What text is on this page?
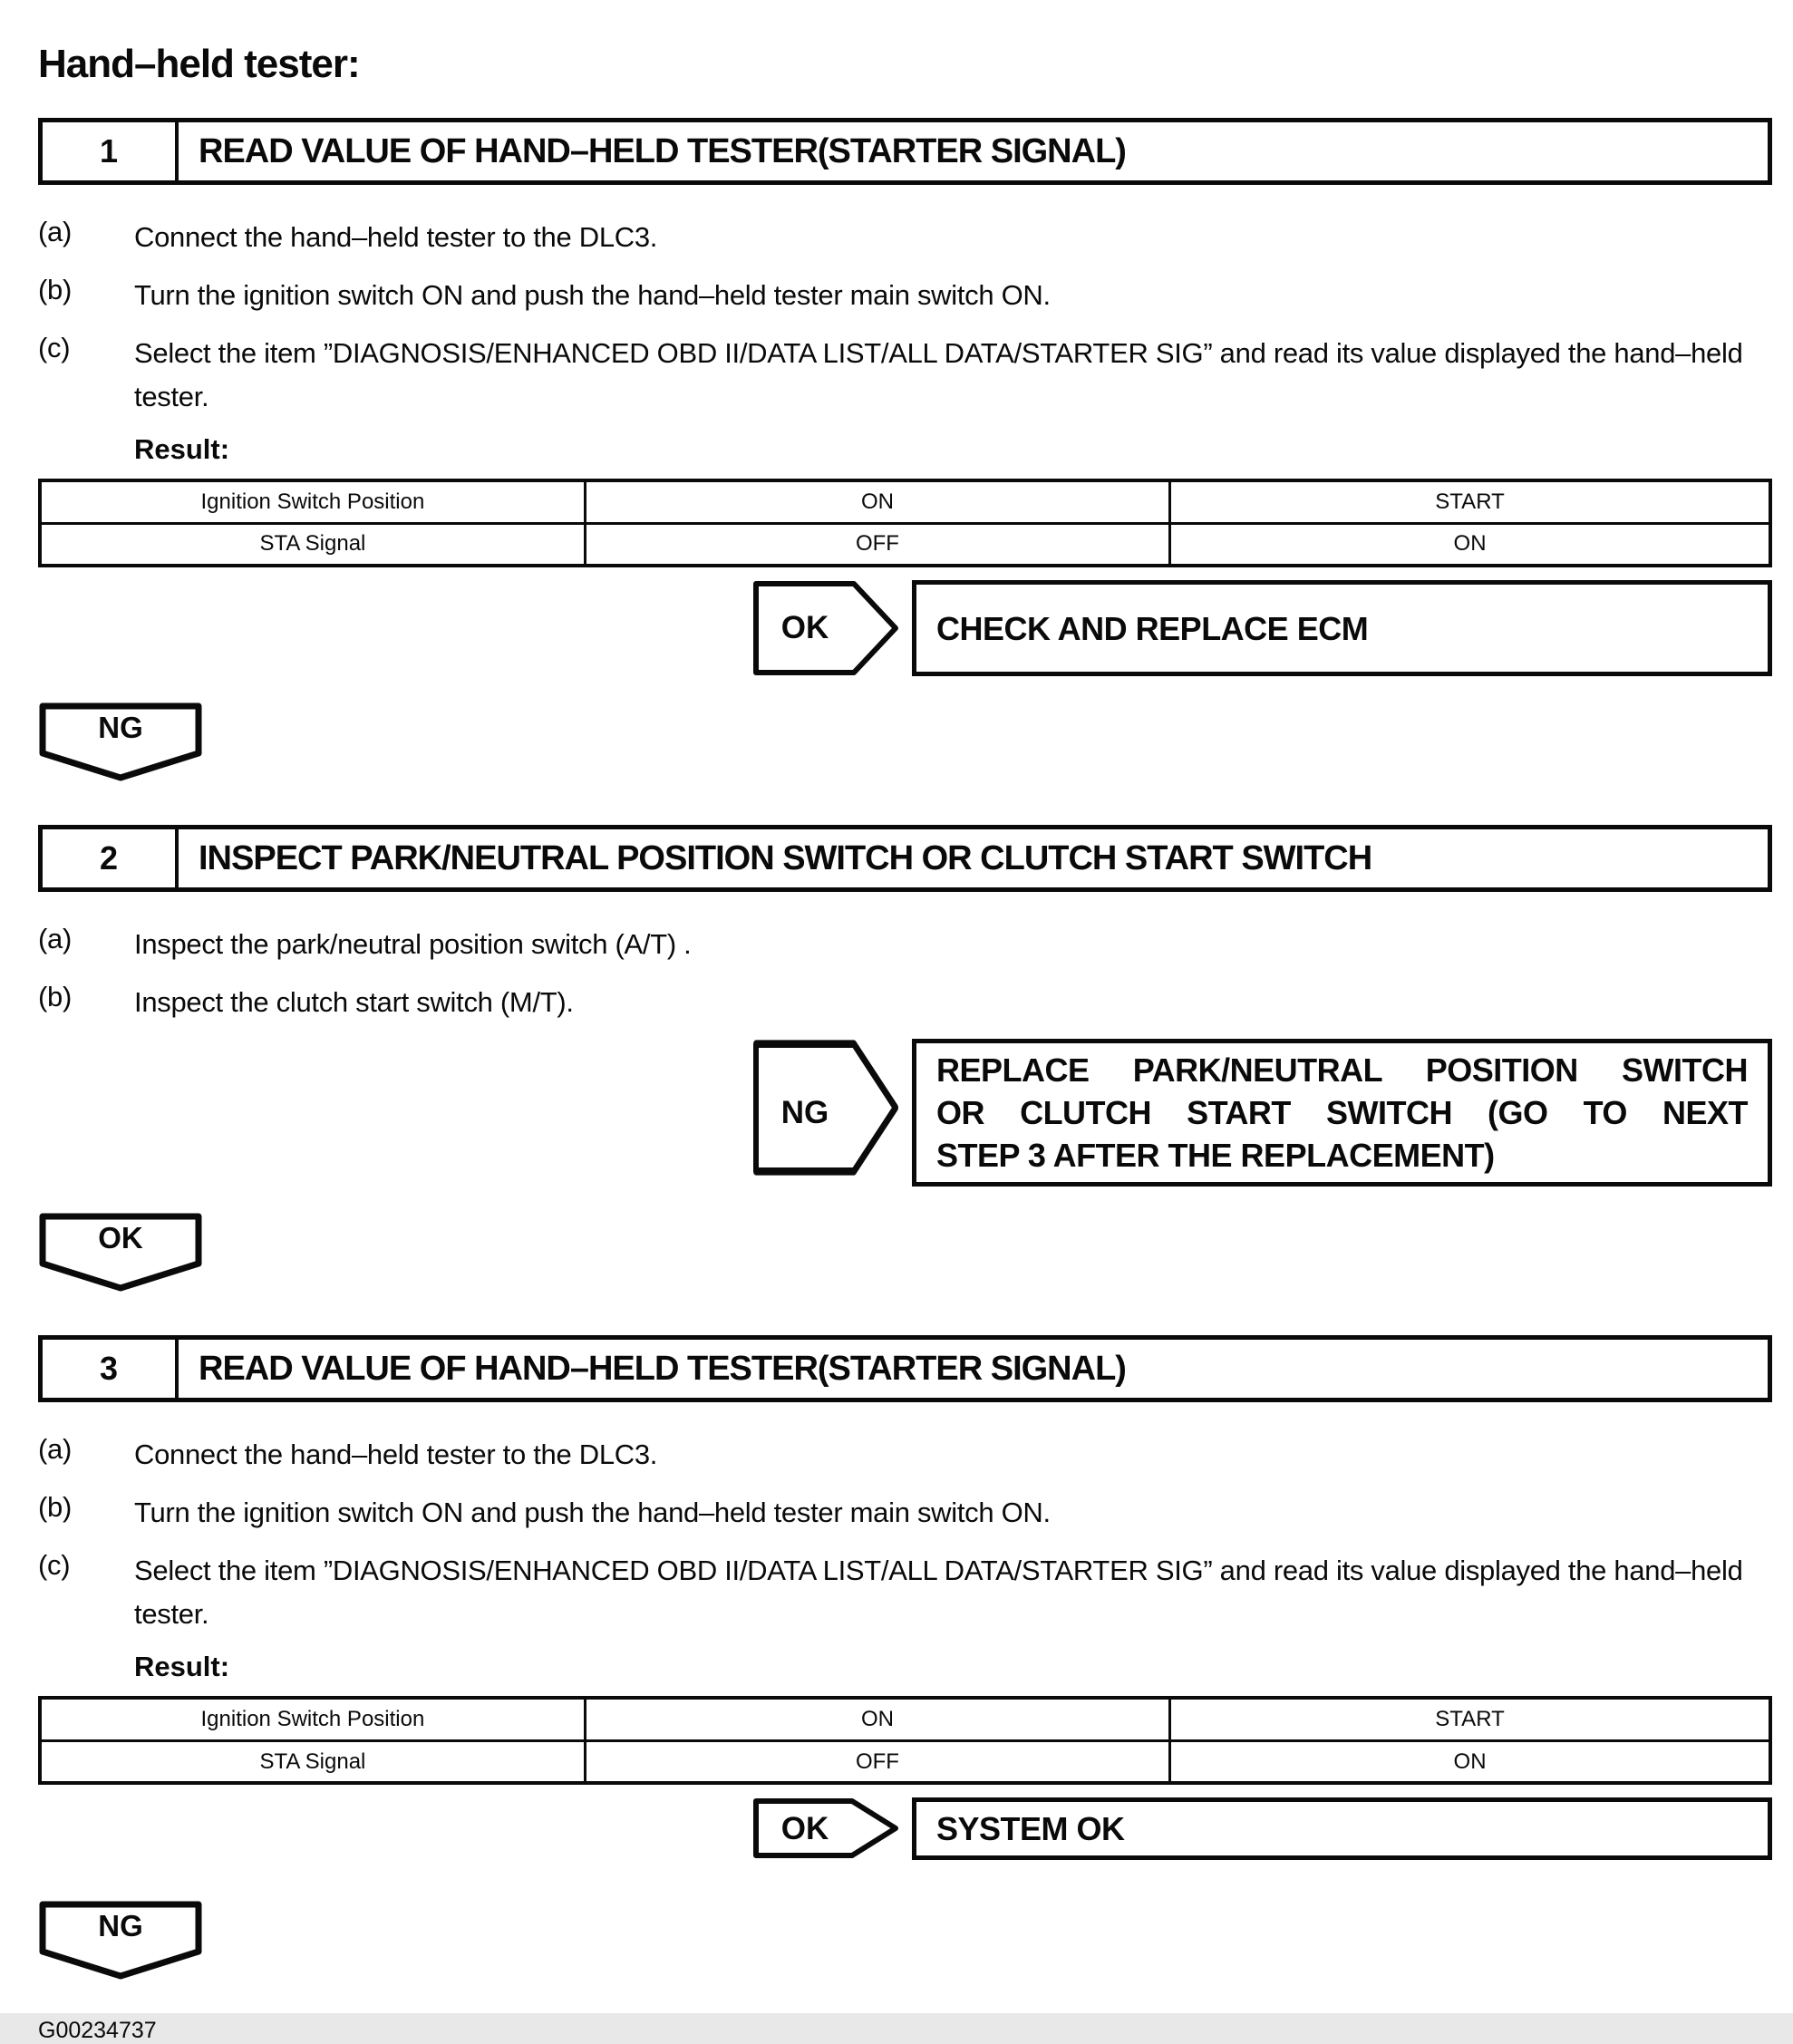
Hand–held tester:
1	READ VALUE OF HAND–HELD TESTER(STARTER SIGNAL)
(a)	Connect the hand–held tester to the DLC3.
(b)	Turn the ignition switch ON and push the hand–held tester main switch ON.
(c)	Select the item ”DIAGNOSIS/ENHANCED OBD II/DATA LIST/ALL DATA/STARTER SIG” and read its value displayed the hand–held tester.
Result:
Ignition Switch Position	ON	START
STA Signal	OFF	ON
OK	CHECK AND REPLACE ECM
NG
2	INSPECT PARK/NEUTRAL POSITION SWITCH OR CLUTCH START SWITCH
(a)	Inspect the park/neutral position switch (A/T) .
(b)	Inspect the clutch start switch (M/T).
NG
REPLACE PARK/NEUTRAL POSITION SWITCH
OR CLUTCH START SWITCH (GO TO NEXT
STEP 3 AFTER THE REPLACEMENT)
OK
3	READ VALUE OF HAND–HELD TESTER(STARTER SIGNAL)
(a)	Connect the hand–held tester to the DLC3.
(b)	Turn the ignition switch ON and push the hand–held tester main switch ON.
(c)	Select the item ”DIAGNOSIS/ENHANCED OBD II/DATA LIST/ALL DATA/STARTER SIG” and read its value displayed the hand–held tester.
Result:
Ignition Switch Position	ON	START
STA Signal	OFF	ON
OK	SYSTEM OK
NG
G00234737
